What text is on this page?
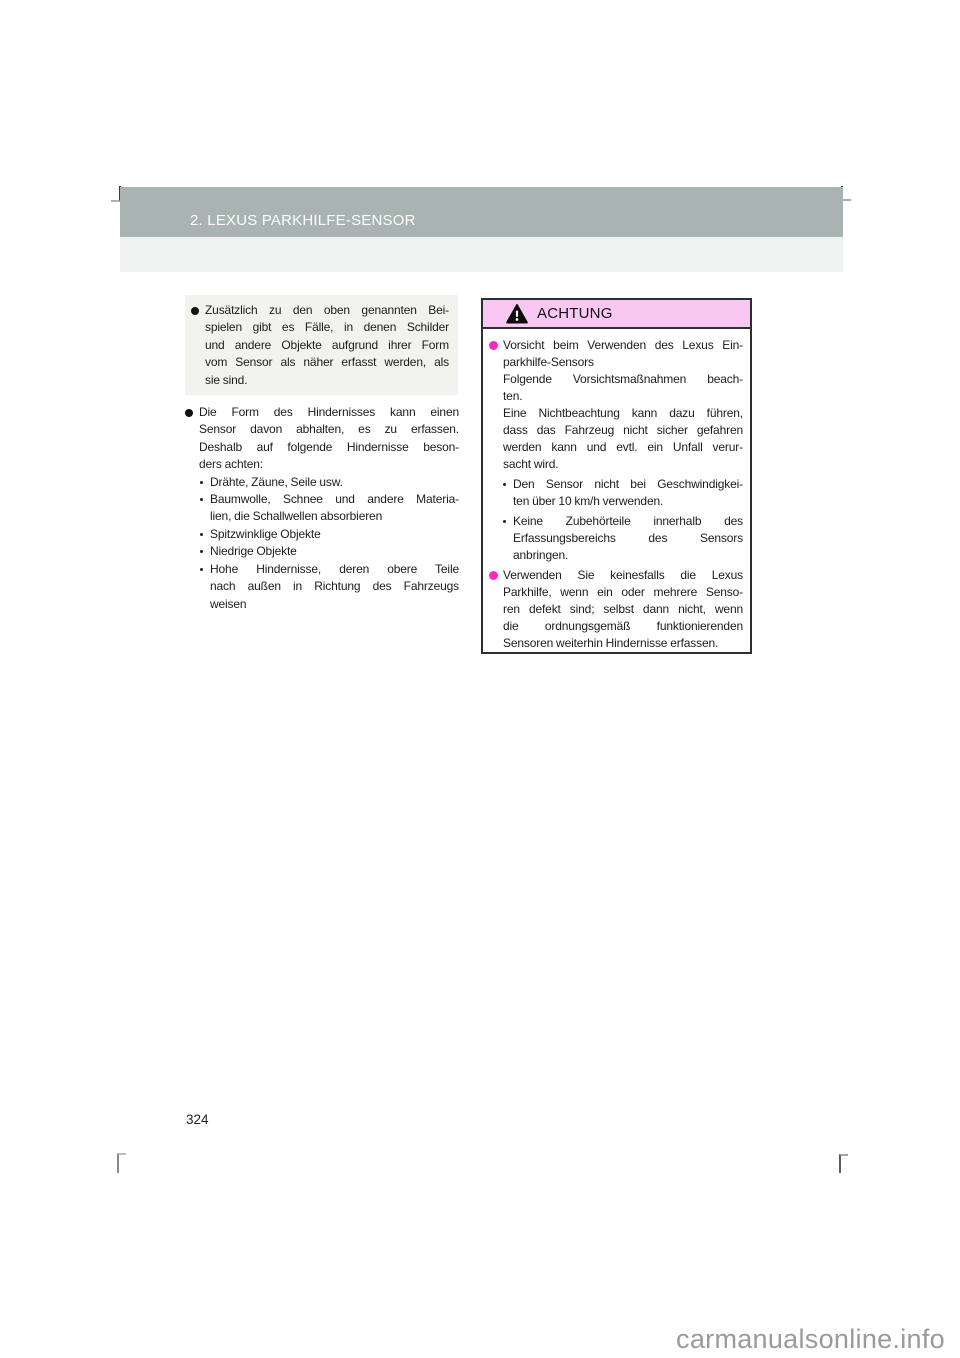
2. LEXUS PARKHILFE-SENSOR
Zusätzlich zu den oben genannten Bei-
spielen gibt es Fälle, in denen Schilder
und andere Objekte aufgrund ihrer Form
vom Sensor als näher erfasst werden, als
sie sind.
Die Form des Hindernisses kann einen
Sensor davon abhalten, es zu erfassen.
Deshalb auf folgende Hindernisse beson-
ders achten:
Drähte, Zäune, Seile usw.
Baumwolle, Schnee und andere Materia-
lien, die Schallwellen absorbieren
Spitzwinklige Objekte
Niedrige Objekte
Hohe Hindernisse, deren obere Teile
nach außen in Richtung des Fahrzeugs
weisen
ACHTUNG
Vorsicht beim Verwenden des Lexus Ein-
parkhilfe-Sensors
Folgende Vorsichtsmaßnahmen beach-
ten.
Eine Nichtbeachtung kann dazu führen,
dass das Fahrzeug nicht sicher gefahren
werden kann und evtl. ein Unfall verur-
sacht wird.
Den Sensor nicht bei Geschwindigkei-
ten über 10 km/h verwenden.
Keine Zubehörteile innerhalb des
Erfassungsbereichs des Sensors
anbringen.
Verwenden Sie keinesfalls die Lexus
Parkhilfe, wenn ein oder mehrere Senso-
ren defekt sind; selbst dann nicht, wenn
die ordnungsgemäß funktionierenden
Sensoren weiterhin Hindernisse erfassen.
324
carmanualsonline.info
